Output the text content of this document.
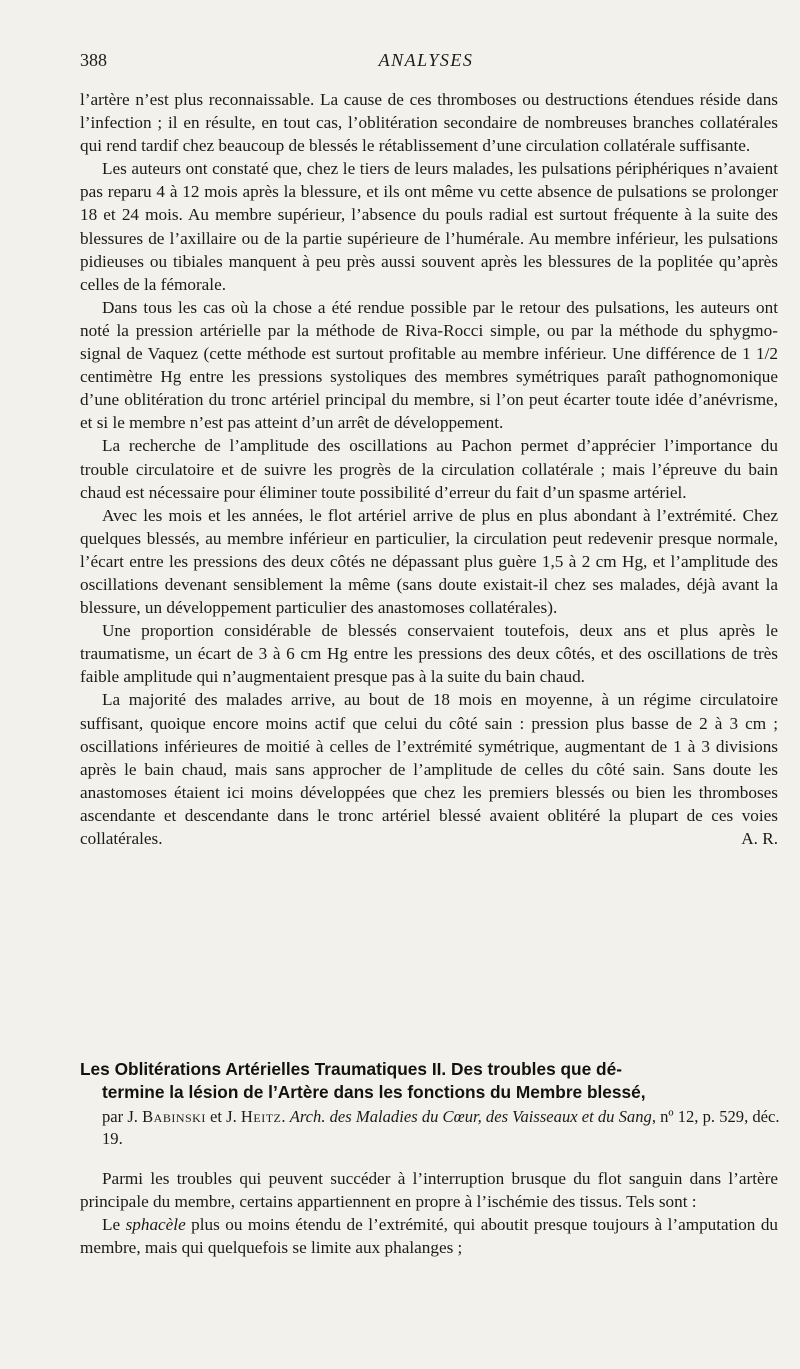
388	ANALYSES

l’artère n’est plus reconnaissable. La cause de ces thromboses ou destructions étendues réside dans l’infection ; il en résulte, en tout cas, l’oblitération secondaire de nombreuses branches collatérales qui rend tardif chez beaucoup de blessés le rétablissement d’une circulation collatérale suffisante.

Les auteurs ont constaté que, chez le tiers de leurs malades, les pulsations périphériques n’avaient pas reparu 4 à 12 mois après la blessure, et ils ont même vu cette absence de pulsations se prolonger 18 et 24 mois. Au membre supérieur, l’absence du pouls radial est surtout fréquente à la suite des blessures de l’axillaire ou de la partie supérieure de l’humérale. Au membre inférieur, les pulsations pidieuses ou tibiales manquent à peu près aussi souvent après les blessures de la poplitée qu’après celles de la fémorale.

Dans tous les cas où la chose a été rendue possible par le retour des pulsations, les auteurs ont noté la pression artérielle par la méthode de Riva-Rocci simple, ou par la méthode du sphygmo-signal de Vaquez (cette méthode est surtout profitable au membre inférieur. Une différence de 1 1/2 centimètre Hg entre les pressions systoliques des membres symétriques paraît pathognomonique d’une oblitération du tronc artériel principal du membre, si l’on peut écarter toute idée d’anévrisme, et si le membre n’est pas atteint d’un arrêt de développement.

La recherche de l’amplitude des oscillations au Pachon permet d’apprécier l’importance du trouble circulatoire et de suivre les progrès de la circulation collatérale ; mais l’épreuve du bain chaud est nécessaire pour éliminer toute possibilité d’erreur du fait d’un spasme artériel.

Avec les mois et les années, le flot artériel arrive de plus en plus abondant à l’extrémité. Chez quelques blessés, au membre inférieur en particulier, la circulation peut redevenir presque normale, l’écart entre les pressions des deux côtés ne dépassant plus guère 1,5 à 2 cm Hg, et l’amplitude des oscillations devenant sensiblement la même (sans doute existait-il chez ses malades, déjà avant la blessure, un développement particulier des anastomoses collatérales).

Une proportion considérable de blessés conservaient toutefois, deux ans et plus après le traumatisme, un écart de 3 à 6 cm Hg entre les pressions des deux côtés, et des oscillations de très faible amplitude qui n’augmentaient presque pas à la suite du bain chaud.

La majorité des malades arrive, au bout de 18 mois en moyenne, à un régime circulatoire suffisant, quoique encore moins actif que celui du côté sain : pression plus basse de 2 à 3 cm ; oscillations inférieures de moitié à celles de l’extrémité symétrique, augmentant de 1 à 3 divisions après le bain chaud, mais sans approcher de l’amplitude de celles du côté sain. Sans doute les anastomoses étaient ici moins développées que chez les premiers blessés ou bien les thromboses ascendante et descendante dans le tronc artériel blessé avaient oblitéré la plupart de ces voies collatérales.	A. R.

Les Oblitérations Artérielles Traumatiques II. Des troubles que dé-
termine la lésion de l’Artère dans les fonctions du Membre blessé,

par J. Babinski et J. Heitz. Arch. des Maladies du Cœur, des Vaisseaux et du Sang, nº 12, p. 529, déc. 19.

Parmi les troubles qui peuvent succéder à l’interruption brusque du flot sanguin dans l’artère principale du membre, certains appartiennent en propre à l’ischémie des tissus. Tels sont :

Le sphacèle plus ou moins étendu de l’extrémité, qui aboutit presque toujours à l’amputation du membre, mais qui quelquefois se limite aux phalanges ;
